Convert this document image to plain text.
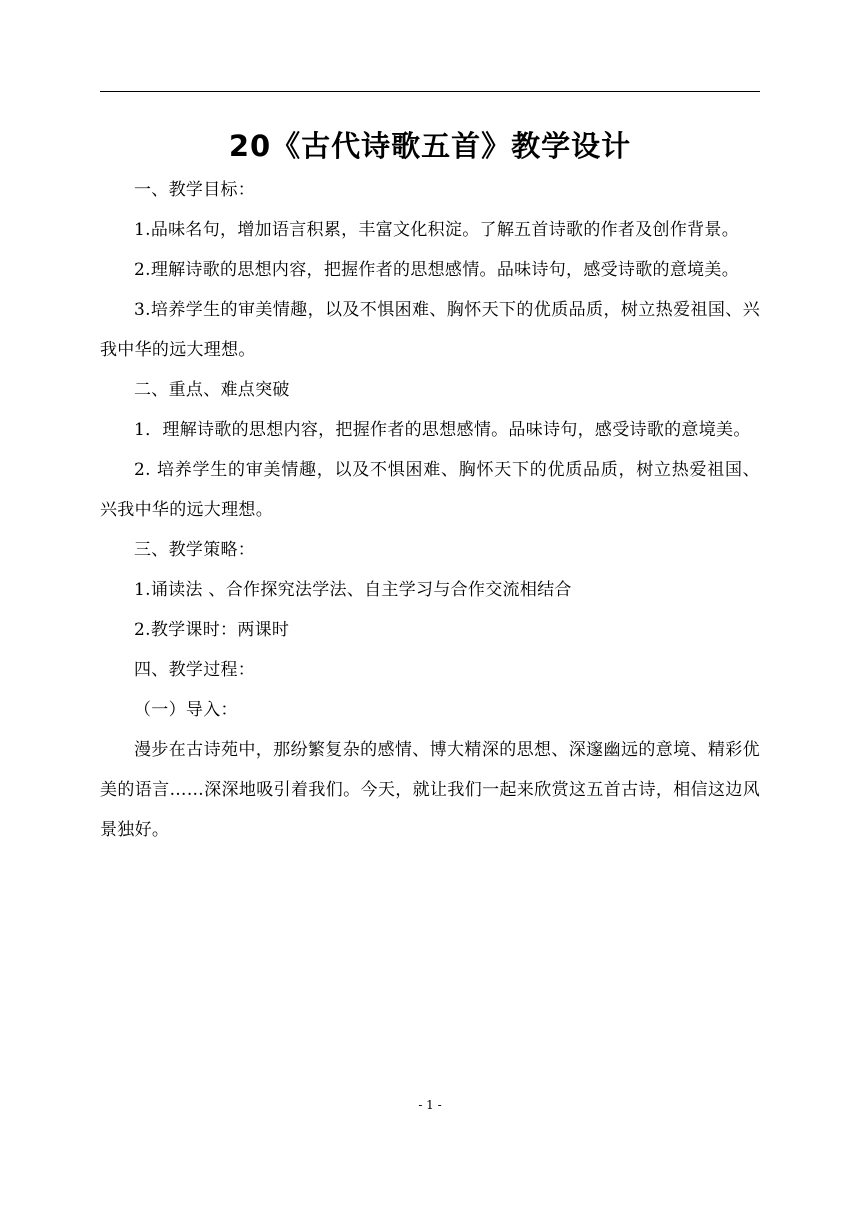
20《古代诗歌五首》教学设计

一、教学目标：

1.品味名句，增加语言积累，丰富文化积淀。了解五首诗歌的作者及创作背景。

2.理解诗歌的思想内容，把握作者的思想感情。品味诗句，感受诗歌的意境美。

3.培养学生的审美情趣，以及不惧困难、胸怀天下的优质品质，树立热爱祖国、兴我中华的远大理想。

二、重点、难点突破

1．理解诗歌的思想内容，把握作者的思想感情。品味诗句，感受诗歌的意境美。

2. 培养学生的审美情趣，以及不惧困难、胸怀天下的优质品质，树立热爱祖国、兴我中华的远大理想。

三、教学策略：

1.诵读法 、合作探究法学法、自主学习与合作交流相结合

2.教学课时：两课时

四、教学过程：

（一）导入：

漫步在古诗苑中，那纷繁复杂的感情、博大精深的思想、深邃幽远的意境、精彩优美的语言……深深地吸引着我们。今天，就让我们一起来欣赏这五首古诗，相信这边风景独好。

- 1 -
